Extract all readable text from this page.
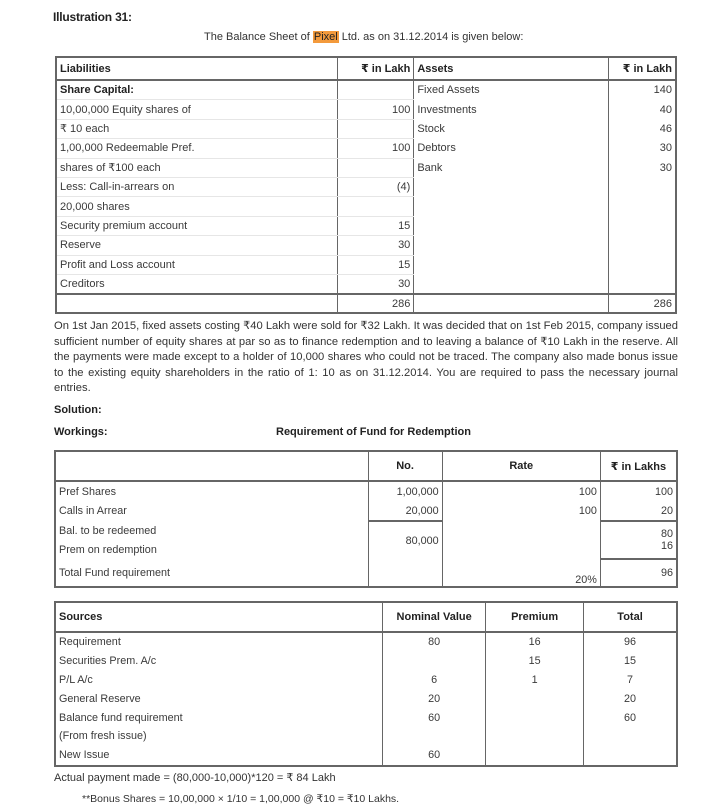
Illustration 31:
The Balance Sheet of Pixel Ltd. as on 31.12.2014 is given below:
Liabilities	₹ in Lakh	Assets	₹ in Lakh
Share Capital:		Fixed Assets	140
10,00,000 Equity shares of	100	Investments	40
₹ 10 each		Stock	46
1,00,000 Redeemable Pref.	100	Debtors	30
shares of ₹100 each		Bank	30
Less: Call-in-arrears on	(4)		
20,000 shares			
Security premium account	15		
Reserve	30		
Profit and Loss account	15		
Creditors	30		
	286		286
On 1st Jan 2015, fixed assets costing ₹40 Lakh were sold for ₹32 Lakh. It was decided that on 1st Feb 2015, company issued sufficient number of equity shares at par so as to finance redemption and to leaving a balance of ₹10 Lakh in the reserve. All the payments were made except to a holder of 10,000 shares who could not be traced. The company also made bonus issue to the existing equity shareholders in the ratio of 1: 10 as on 31.12.2014. You are required to pass the necessary journal entries.
Solution:
Workings:	Requirement of Fund for Redemption
	No.	Rate	₹ in Lakhs
Pref Shares	1,00,000	100	100
Calls in Arrear	20,000	100	20
Bal. to be redeemed	80,000		80
Prem on redemption			16
Total Fund requirement		20%	96
Sources	Nominal Value	Premium	Total
Requirement	80	16	96
Securities Prem. A/c		15	15
P/L A/c	6	1	7
General Reserve	20		20
Balance fund requirement	60		60
(From fresh issue)			
New Issue	60		
Actual payment made = (80,000-10,000)*120 = ₹ 84 Lakh
**Bonus Shares = 10,00,000 × 1/10 = 1,00,000 @ ₹10 = ₹10 Lakhs.
